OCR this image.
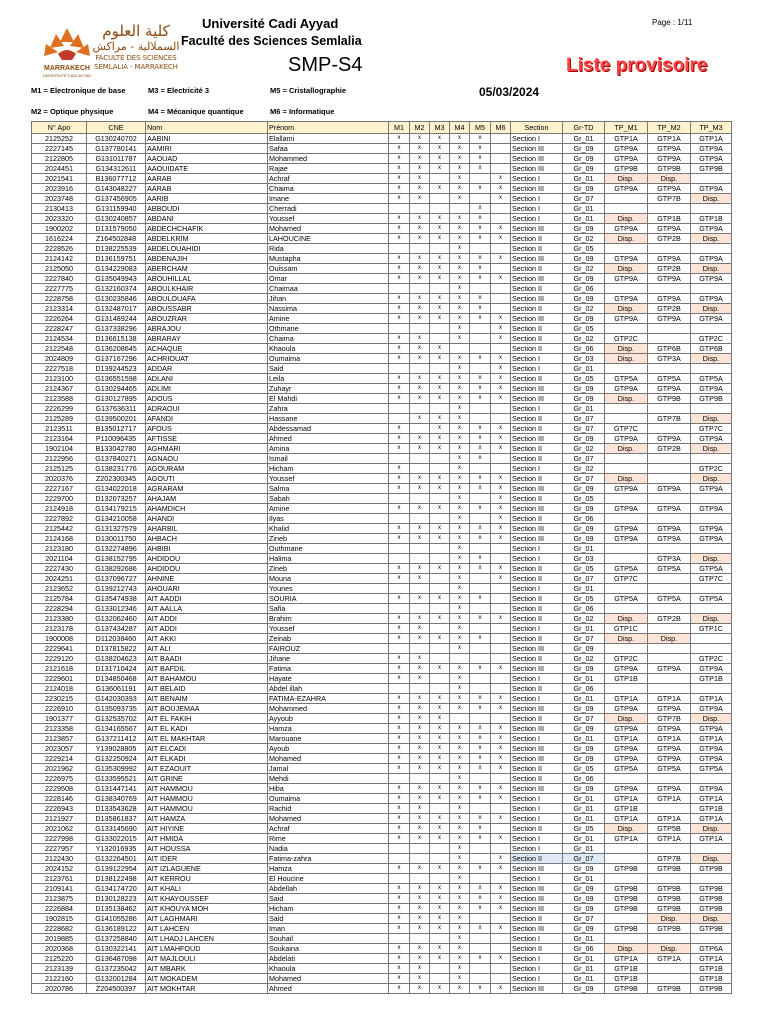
MARRAKECH
UNIVERSITÉ CADI AYYAD
كلية العلوم
السملالية - مراكش
FACULTÉ DES SCIENCES
SEMLALIA - MARRAKECH
Université Cadi Ayyad
Faculté des Sciences Semlalia
SMP-S4
Page : 1/11
Liste provisoire
M1 = Electronique de base	M3 = Electricité 3	M5 = Cristallographie	05/03/2024
M2 = Optique physique	M4 = Mécanique quantique	M6 = Informatique
N° Apo	CNE	Nom	Prénom	M1	M2	M3	M4	M5	M6	Section	Gr-TD	TP_M1	TP_M2	TP_M3
2125252	G130240702	AABINI	Elallami	x	x	x	x	x		Section I	Gr_01	GTP1A	GTP1A	GTP1A
2227145	G137780141	AAMIRI	Safaa	x	x	x	x	x		Section III	Gr_09	GTP9A	GTP9A	GTP9A
2122805	G131011787	AAOUAD	Mohammed	x	x	x	x	x		Section III	Gr_09	GTP9A	GTP9A	GTP9A
2024451	G134312611	AAOUIDATE	Rajae	x	x	x	x	x		Section III	Gr_09	GTP9B	GTP9B	GTP9B
2021541	B136077712	AARAB	Achraf	x	x		x		x	Section I	Gr_01	Disp.	Disp.	
2023916	G143048227	AARAB	Chaima	x	x	x	x	x	x	Section III	Gr_09	GTP9A	GTP9A	GTP9A
2023748	G137456905	AARIB	Imane	x	x		x		x	Section I	Gr_07		GTP7B	Disp.
2130413	G131159940	ABBOUDI	Cherradi					x		Section I	Gr_01			
2023320	G130240857	ABDANI	Youssef	x	x	x	x	x		Section I	Gr_01	Disp.	GTP1B	GTP1B
1900202	D131579050	ABDECHCHAFIK	Mohamed	x	x	x	x	x	x	Section III	Gr_09	GTP9A	GTP9A	GTP9A
1616224	Z164502848	ABDELKRIM	LAHOUCINE	x	x	x	x	x	x	Section II	Gr_02	Disp.	GTP2B	Disp.
2228526	D138225539	ABDELOUAHIDI	Rida				x			Section II	Gr_05			
2124142	D136159751	ABDENAJIH	Mustapha	x	x	x	x	x	x	Section III	Gr_09	GTP9A	GTP9A	GTP9A
2125050	G134229083	ABERCHAM	Ouissam	x	x	x	x	x		Section II	Gr_02	Disp.	GTP2B	Disp.
2227840	G135049943	ABOUHILLAL	Omar	x	x	x	x	x	x	Section III	Gr_09	GTP9A	GTP9A	GTP9A
2227775	G132160374	ABOULKHAIR	Chaimaa				x			Section II	Gr_06			
2228758	G130235846	ABOULOUAFA	Jihan	x	x	x	x	x		Section III	Gr_09	GTP9A	GTP9A	GTP9A
2123314	G132487017	ABOUSSABR	Nassima	x	x	x	x	x		Section II	Gr_02	Disp.	GTP2B	Disp.
2226264	G131489244	ABOUZRAR	Amine	x	x	x	x	x	x	Section III	Gr_09	GTP9A	GTP9A	GTP9A
2228247	G137338296	ABRAJOU	Othmane				x		x	Section II	Gr_05			
2124534	D136615138	ABRARAY	Chaima	x	x		x		x	Section II	Gr_02	GTP2C		GTP2C
2122548	G136208645	ACHAQUE	Khaoula	x	x	x				Section II	Gr_06	Disp.	GTP6B	GTP6B
2024809	G137167296	ACHRIOUAT	Oumaima	x	x	x	x	x	x	Section I	Gr_03	Disp.	GTP3A	Disp.
2227518	D139244523	ADDAR	Said				x		x	Section I	Gr_01			
2123100	G136551598	ADLANI	Leila	x	x	x	x	x	x	Section II	Gr_05	GTP5A	GTP5A	GTP5A
2124367	G130294465	ADLIMI	Zuhayr	x	x	x	x	x	x	Section III	Gr_09	GTP9A	GTP9A	GTP9A
2123588	G130127895	ADOUS	El Mahdi	x	x	x	x	x	x	Section III	Gr_09	Disp.	GTP9B	GTP9B
2226299	G137636311	ADRAOUI	Zahra				x			Section I	Gr_01			
2125289	G139500201	AFANDI	Hassane		x	x	x			Section II	Gr_07		GTP7B	Disp.
2123511	B135012717	AFOUS	Abdessamad	x		x	x	x	x	Section II	Gr_07	GTP7C		GTP7C
2123164	P110096435	AFTISSE	Ahmed	x	x	x	x	x	x	Section III	Gr_09	GTP9A	GTP9A	GTP9A
1902104	B133042780	AGHMARI	Amina	x	x	x	x	x	x	Section II	Gr_02	Disp.	GTP2B	Disp.
2122956	G137840271	AGNAOU	Ismail				x	x		Section II	Gr_07			
2125125	G138231776	AGOURAM	Hicham	x			x			Section I	Gr_02			GTP2C
2020376	Z202300345	AGOUTI	Youssef	x	x	x	x	x	x	Section II	Gr_07	Disp.		Disp.
2227167	G134022018	AGRARAM	Salma	x	x	x	x	x	x	Section III	Gr_09	GTP9A	GTP9A	GTP9A
2229700	D132073257	AHAJAM	Sabah				x		x	Section II	Gr_05			
2124918	G134179215	AHAMDICH	Amine	x	x	x	x	x	x	Section III	Gr_09	GTP9A	GTP9A	GTP9A
2227892	G134210058	AHANDI	Ilyas				x		x	Section II	Gr_06			
2125442	G131327579	AHARBIL	Khalid	x	x	x	x	x	x	Section III	Gr_09	GTP9A	GTP9A	GTP9A
2124168	D130011750	AHBACH	Zineb	x	x	x	x	x	x	Section III	Gr_09	GTP9A	GTP9A	GTP9A
2123180	G132274896	AHBIBI	Outhmane				x			Section I	Gr_01			
2021104	G138152795	AHDIDOU	Halima				x	x		Section I	Gr_03		GTP3A	Disp.
2227430	G138292686	AHDIDOU	Zineb	x	x	x	x	x	x	Section II	Gr_05	GTP5A	GTP5A	GTP5A
2024251	G137096727	AHNINE	Mouna	x	x		x		x	Section II	Gr_07	GTP7C		GTP7C
2123652	G139212743	AHOUARI	Younes				x			Section I	Gr_01			
2125784	G135474938	AIT AADDI	SOURIA	x	x	x	x	x		Section II	Gr_05	GTP5A	GTP5A	GTP5A
2228294	G133012346	AIT AALLA	Safia				x			Section II	Gr_06			
2123380	G132062460	AIT ADDI	Brahim	x	x	x	x	x	x	Section II	Gr_02	Disp.	GTP2B	Disp.
2123178	G137434287	AIT ADDI	Youssef	x	x		x			Section I	Gr_01	GTP1C		GTP1C
1900008	D112038460	AIT AKKI	Zeinab	x	x	x	x	x		Section II	Gr_07	Disp.	Disp.	
2229641	D137815822	AIT ALI	FAIROUZ				x			Section III	Gr_09			
2229120	G138204623	AIT BAADI	Jihane	x	x					Section II	Gr_02	GTP2C		GTP2C
2121618	D131710424	AIT BAFDIL	Fatima	x	x	x	x	x	x	Section III	Gr_09	GTP9A	GTP9A	GTP9A
2229601	D134850468	AIT BAHAMOU	Hayate	x	x		x			Section I	Gr_01	GTP1B		GTP1B
2124018	G136061191	AIT BELAID	Abdel illah				x			Section II	Gr_06			
2230215	G142030393	AIT BENAIM	FATIMA-EZAHRA	x	x	x	x	x	x	Section I	Gr_01	GTP1A	GTP1A	GTP1A
2226910	G135093735	AIT BOUJEMAA	Mohammed	x	x	x	x	x	x	Section III	Gr_09	GTP9A	GTP9A	GTP9A
1901377	G132535702	AIT EL FAKIH	Ayyoub	x	x	x				Section II	Gr_07	Disp.	GTP7B	Disp.
2123358	G134165567	AIT EL KADI	Hamza	x	x	x	x	x	x	Section III	Gr_09	GTP9A	GTP9A	GTP9A
2123857	G137211412	AIT EL MAKHTAR	Marouane	x	x	x	x	x	x	Section I	Gr_01	GTP1A	GTP1A	GTP1A
2023057	Y139028805	AIT ELCADI	Ayoub	x	x	x	x	x	x	Section III	Gr_09	GTP9A	GTP9A	GTP9A
2229214	G132250924	AIT ELKADI	Mohamed	x	x	x	x	x	x	Section III	Gr_09	GTP9A	GTP9A	GTP9A
2021962	G135309992	AIT EZAOUIT	Jamal	x	x	x	x	x	x	Section II	Gr_05	GTP5A	GTP5A	GTP5A
2226975	G133595521	AIT GRINE	Mehdi				x			Section II	Gr_06			
2229508	G131447141	AIT HAMMOU	Hiba	x	x	x	x	x	x	Section III	Gr_09	GTP9A	GTP9A	GTP9A
2228146	G138340769	AIT HAMMOU	Oumaima	x	x	x	x	x	x	Section I	Gr_01	GTP1A	GTP1A	GTP1A
2226943	D133543628	AIT HAMMOU	Rachid	x	x		x			Section I	Gr_01	GTP1B		GTP1B
2121927	D135861837	AIT HAMZA	Mohamed	x	x	x	x	x	x	Section I	Gr_01	GTP1A	GTP1A	GTP1A
2021062	G133145690	AIT HIYINE	Achraf	x	x	x	x	x		Section II	Gr_05	Disp.	GTP5B	Disp.
2227998	G133022015	AIT HMIDA	Rime	x	x	x	x	x	x	Section I	Gr_01	GTP1A	GTP1A	GTP1A
2227957	Y132016935	AIT HOUSSA	Nadia				x			Section I	Gr_01			
2122430	G132264501	AIT IDER	Fatima-zahra				x		x	Section II	Gr_07		GTP7B	Disp.
2024152	G139122954	AIT IZLAGUENE	Hamza	x	x	x	x	x	x	Section III	Gr_09	GTP9B	GTP9B	GTP9B
2123761	D138122498	AIT KERROU	El Houcine				x			Section I	Gr_01			
2109141	G134174720	AIT KHALI	Abdellah	x	x	x	x	x	x	Section III	Gr_09	GTP9B	GTP9B	GTP9B
2123875	D130128223	AIT KHAYOUSSEF	Said	x	x	x	x	x	x	Section III	Gr_09	GTP9B	GTP9B	GTP9B
2226884	D135138462	AIT KHOUYA MOH	Hicham	x	x	x	x	x	x	Section III	Gr_09	GTP9B	GTP9B	GTP9B
1902815	G141055286	AIT LAGHMARI	Said	x	x	x	x			Section II	Gr_07		Disp.	Disp.
2228682	G136189122	AIT LAHCEN	Iman	x	x	x	x	x	x	Section III	Gr_09	GTP9B	GTP9B	GTP9B
2019885	G137258840	AIT LHADJ LAHCEN	Souhail				x			Section I	Gr_01			
2020368	G130322141	AIT LMAHFOUD	Soukaina	x	x	x	x			Section II	Gr_06	Disp.	Disp.	GTP6A
2125220	G136487098	AIT MAJLOULI	Abdelati	x	x	x	x	x	x	Section I	Gr_01	GTP1A	GTP1A	GTP1A
2123139	G137235042	AIT MBARK	Khaoula	x	x		x			Section I	Gr_01	GTP1B		GTP1B
2122160	G132001284	AIT MOKADEM	Mohamed	x	x		x			Section I	Gr_01	GTP1B		GTP1B
2020786	Z204500397	AIT MOKHTAR	Ahmed	x	x	x	x	x	x	Section III	Gr_09	GTP9B	GTP9B	GTP9B
